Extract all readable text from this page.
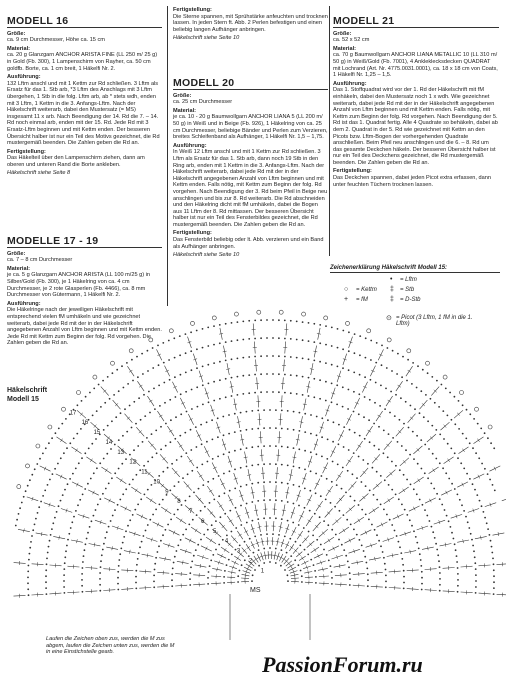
MODELL 16
Größe:

ca. 9 cm Durchmesser, Höhe ca. 15 cm

Material:

ca. 20 g Glanzgarn ANCHOR ARISTA FINE (LL 250 m/ 25 g) in Gold (Fb. 300), 1 Lampenschirm von Rayher, ca. 50 cm goldfb. Borte, ca. 1 cm breit, 1 Häkelfi Nr. 2.

Ausführung:

132 Lftm anschl und mit 1 Kettm zur Rd schließen. 3 Lftm als Ersatz für das 1. Stb arb, *3 Lftm des Anschlags mit 3 Lftm übergehen, 1 Stb in die folg. Lftm arb, ab * stets wdh, enden mit 3 Lftm, 1 Kettm in die 3. Anfangs-Lftm. Nach der Häkelschrift weiterarb, dabei den Mustersatz (= MS) insgesamt 11 x arb. Nach Beendigung der 14. Rd die 7. – 14. Rd noch einmal arb, enden mit der 15. Rd. Jede Rd mit 3 Ersatz-Lftm beginnen und mit Kettm enden. Der besseren Übersicht halber ist nur ein Teil des Motivs gezeichnet, die Rd mustergemäß beenden. Die Zahlen geben die Rd an.

Fertigstellung:

Das Häkelteil über den Lampenschirm ziehen, dann am oberen und unteren Rand die Borte ankleben.

Häkelschrift siehe Seite 8

MODELLE 17 - 19
Größe:

ca. 7 – 8 cm Durchmesser

Material:

je ca. 5 g Glanzgarn ANCHOR ARISTA (LL 100 m/25 g) in Silber/Gold (Fb. 300), je 1 Häkelring von ca. 4 cm Durchmesser, je 2 rote Glasperlen (Fb. 4466), ca. 8 mm Durchmesser von Gütermann, 1 Häkelfi Nr. 2.

Ausführung:

Die Häkelringe nach der jeweiligen Häkelschrift mit entsprechend vielen fM umhäkeln und wie gezeichnet weiterarb, dabei jede Rd mit der in der Häkelschrift angegebenen Anzahl von Lftm beginnen und mit Kettm enden. Jede Rd mit Kettm zum Beginn der folg. Rd vorgehen. Die Zahlen geben die Rd an.

Fertigstellung:

Die Sterne spannen, mit Sprühstärke anfeuchten und trocknen lassen. In jeden Stern ft. Abb. 2 Perlen befestigen und einen beliebig langen Aufhänger anbringen.

Häkelschrift siehe Seite 10

MODELL 20
Größe:

ca. 25 cm Durchmesser

Material:

je ca. 10 - 20 g Baumwollgarn ANCHOR LIANA 5 (LL 200 m/ 50 g) in Weiß und in Beige (Fb. 926), 1 Häkelring von ca. 25 cm Durchmesser, beliebige Bänder und Perlen zum Verzieren, breites Schleifenband als Aufhänger, 1 Häkelfi Nr. 1,5 – 1,75.

Ausführung:

In Weiß 12 Lftm anschl und mit 1 Kettm zur Rd schließen. 3 Lftm als Ersatz für das 1. Stb arb, dann noch 19 Stb in den Ring arb, enden mit 1 Kettm in die 3. Anfangs-Lftm. Nach der Häkelschrift weiterarb, dabei jede Rd mit der in der Häkelschrift angegebenen Anzahl von Lftm beginnen und mit Kettm enden. Falls nötig, mit Kettm zum Beginn der folg. Rd vorgehen. Nach Beendigung der 3. Rd beim Pfeil in Beige neu anschlingen und bis zur 8. Rd weiterarb. Die Rd abschneiden und den Häkelring dicht mit fM umhäkeln, dabei die Bogen aus 11 Lftm der 8. Rd mittassen. Der besseren Übersicht halber ist nur ein Teil des Fensterbildes gezeichnet, die Rd mustergemäß beenden. Die Zahlen geben die Rd an.

Fertigstellung:

Das Fensterbild beliebig oder lt. Abb. verzieren und ein Band als Aufhänger anbringen.

Häkelschrift siehe Seite 10

MODELL 21
Größe:

ca. 52 x 52 cm

Material:

ca. 70 g Baumwollgarn ANCHOR LIANA METALLIC 10 (LL 310 m/ 50 g) in Weiß/Gold (Fb. 7001), 4 Ankleklecksdecken QUADRAT mit Lochrand (Art. Nr. 4775.0031.0001), ca. 18 x 18 cm von Coats, 1 Häkelfi Nr. 1,25 – 1,5.

Ausführung:

Das 1. Stoffquadrat wird vor der 1. Rd der Häkelschrift mit fM einhäkeln, dabei den Mustersatz noch 1 x wdh. Wie gezeichnet weiterarb, dabei jede Rd mit der in der Häkelschrift angegebenen Anzahl von Lftm beginnen und mit Kettm enden. Falls nötig, mit Kettm zum Beginn der folg. Rd vorgehen. Nach Beendigung der 5. Rd ist das 1. Quadrat fertig. Alle 4 Quadrate so behäkeln, dabei ab dem 2. Quadrat in der 5. Rd wie gezeichnet mit Kettm an den Picots bzw. Lftm-Bogen der vorhergehenden Quadrate anschließen. Beim Pfeil neu anschlingen und die 6. – 8. Rd um das gesamte Deckchen häkeln. Der besseren Übersicht halber ist nur ein Teil des Deckchens gezeichnet, die Rd mustergemäß beenden. Die Zahlen geben die Rd an.

Fertigstellung:

Das Deckchen spannen, dabei jeden Picot extra erfassen, dann unter feuchten Tüchern trocknen lassen.

Zeichenerklärung Häkelschrift Modell 15:
• = Lftm
○ = Kettm ‡ = Stb
+ = fM	‡ = D-Stb
⊙ = Picot (3 Lftm, 1 fM in die 1. Lftm)
Häkelschrift
Modell 15
1
2
3
4
5
6
7
8
9
10
11
12
13
14
15
16
17
MS
Laufen die Zeichen oben zus, werden die M zus abgem, laufen die Zeichen unten zus, werden die M in eine Einstichstelle gearb.	PassionForum.ru
